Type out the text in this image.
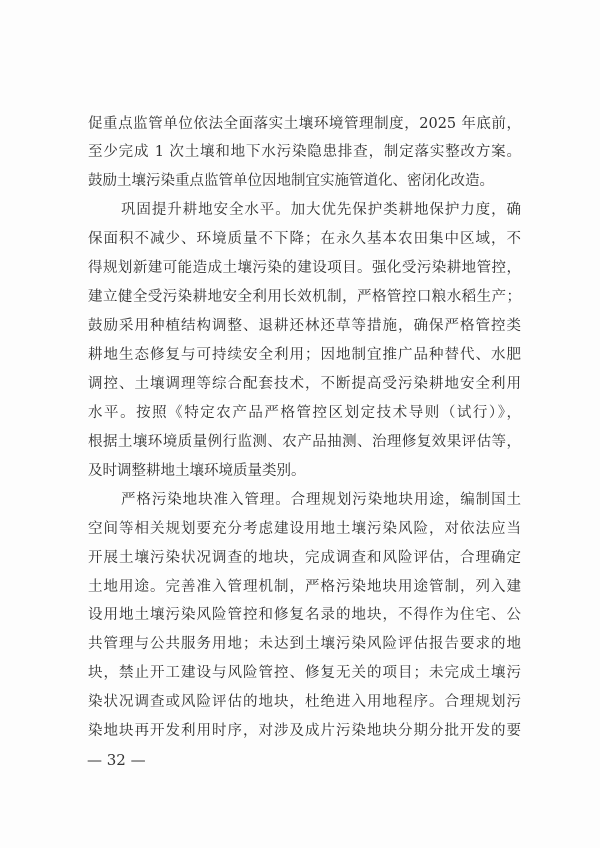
促重点监管单位依法全面落实土壤环境管理制度，2025 年底前，
至少完成 1 次土壤和地下水污染隐患排查，制定落实整改方案。
鼓励土壤污染重点监管单位因地制宜实施管道化、密闭化改造。
巩固提升耕地安全水平。加大优先保护类耕地保护力度，确
保面积不减少、环境质量不下降；在永久基本农田集中区域，不
得规划新建可能造成土壤污染的建设项目。强化受污染耕地管控，
建立健全受污染耕地安全利用长效机制，严格管控口粮水稻生产；
鼓励采用种植结构调整、退耕还林还草等措施，确保严格管控类
耕地生态修复与可持续安全利用；因地制宜推广品种替代、水肥
调控、土壤调理等综合配套技术，不断提高受污染耕地安全利用
水平。按照《特定农产品严格管控区划定技术导则（试行）》，
根据土壤环境质量例行监测、农产品抽测、治理修复效果评估等，
及时调整耕地土壤环境质量类别。
严格污染地块准入管理。合理规划污染地块用途，编制国土
空间等相关规划要充分考虑建设用地土壤污染风险，对依法应当
开展土壤污染状况调查的地块，完成调查和风险评估，合理确定
土地用途。完善准入管理机制，严格污染地块用途管制，列入建
设用地土壤污染风险管控和修复名录的地块，不得作为住宅、公
共管理与公共服务用地；未达到土壤污染风险评估报告要求的地
块，禁止开工建设与风险管控、修复无关的项目；未完成土壤污
染状况调查或风险评估的地块，杜绝进入用地程序。合理规划污
染地块再开发利用时序，对涉及成片污染地块分期分批开发的要
— 32 —
